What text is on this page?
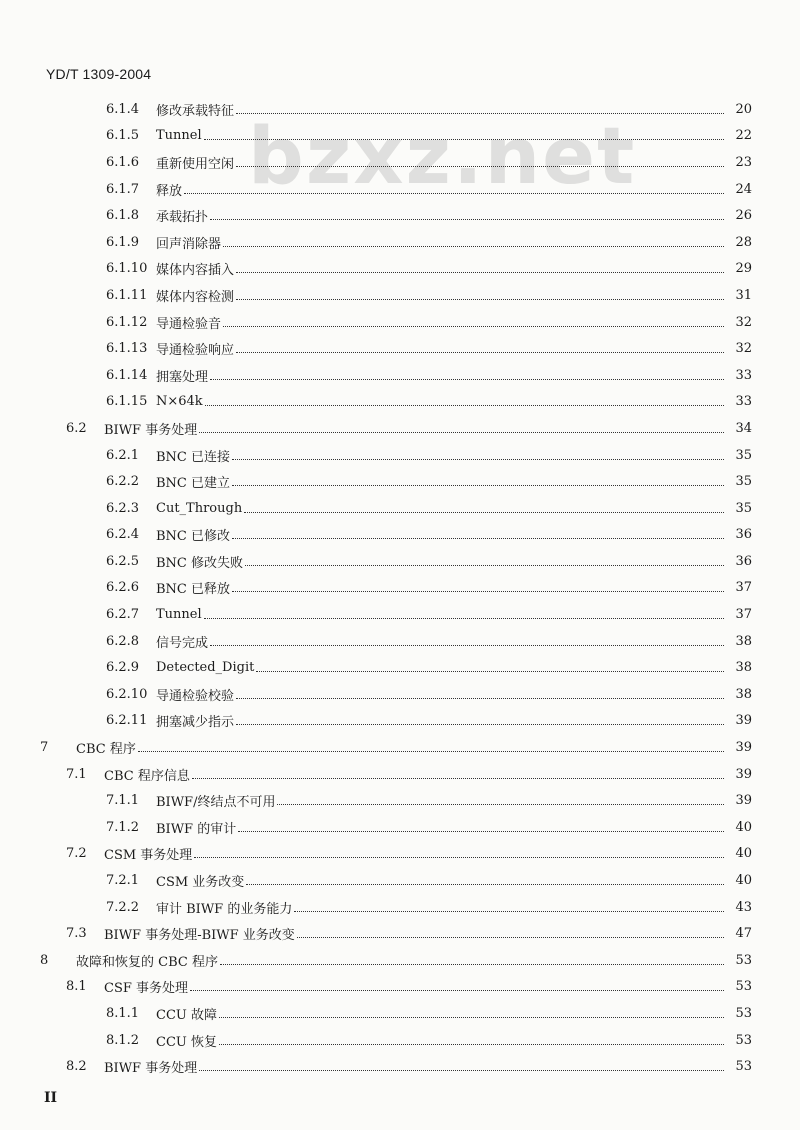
YD/T 1309-2004
bzxz.net
6.1.4	修改承载特征	20
6.1.5	Tunnel	22
6.1.6	重新使用空闲	23
6.1.7	释放	24
6.1.8	承载拓扑	26
6.1.9	回声消除器	28
6.1.10 媒体内容插入	29
6.1.11 媒体内容检测	31
6.1.12 导通检验音	32
6.1.13 导通检验响应	32
6.1.14 拥塞处理	33
6.1.15 N×64k	33
6.2	BIWF 事务处理	34
6.2.1	BNC 已连接	35
6.2.2	BNC 已建立	35
6.2.3	Cut_Through	35
6.2.4	BNC 已修改	36
6.2.5	BNC 修改失败	36
6.2.6	BNC 已释放	37
6.2.7	Tunnel	37
6.2.8	信号完成	38
6.2.9	Detected_Digit	38
6.2.10 导通检验校验	38
6.2.11 拥塞减少指示	39
7	CBC 程序	39
7.1	CBC 程序信息	39
7.1.1	BIWF/终结点不可用	39
7.1.2	BIWF 的审计	40
7.2	CSM 事务处理	40
7.2.1	CSM 业务改变	40
7.2.2	审计 BIWF 的业务能力	43
7.3	BIWF 事务处理-BIWF 业务改变	47
8	故障和恢复的 CBC 程序	53
8.1	CSF 事务处理	53
8.1.1	CCU 故障	53
8.1.2	CCU 恢复	53
8.2	BIWF 事务处理	53
II
